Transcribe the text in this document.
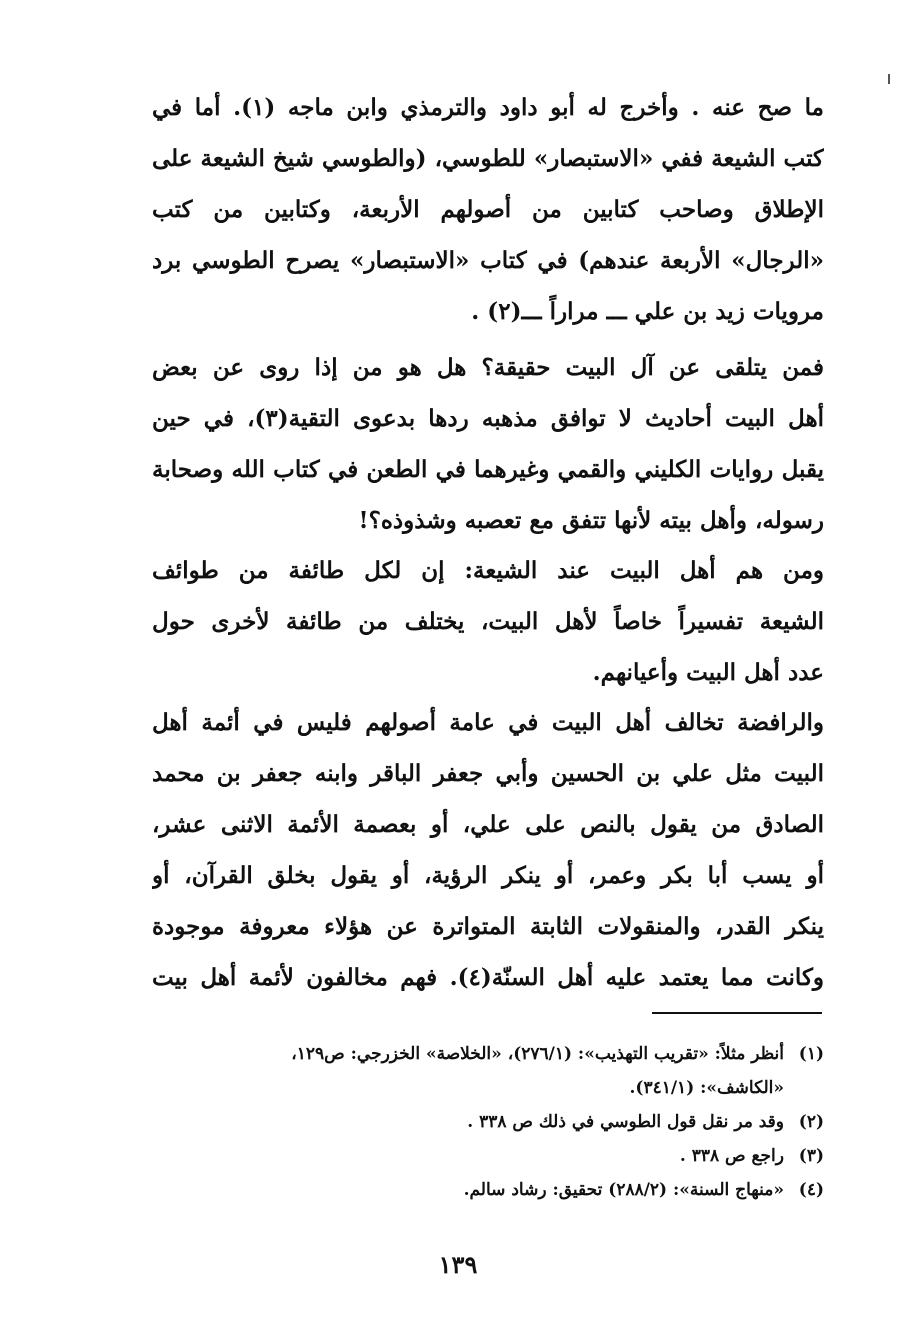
ما صح عنه . وأخرج له أبو داود والترمذي وابن ماجه (١). أما في
كتب الشيعة ففي «الاستبصار» للطوسي، (والطوسي شيخ الشيعة على
الإطلاق وصاحب كتابين من أصولهم الأربعة، وكتابين من كتب
«الرجال» الأربعة عندهم) في كتاب «الاستبصار» يصرح الطوسي برد
مرويات زيد بن علي ـــ مراراً ـــ(٢) .
فمن يتلقى عن آل البيت حقيقة؟ هل هو من إذا روى عن بعض
أهل البيت أحاديث لا توافق مذهبه ردها بدعوى التقية(٣)، في حين
يقبل روايات الكليني والقمي وغيرهما في الطعن في كتاب الله وصحابة
رسوله، وأهل بيته لأنها تتفق مع تعصبه وشذوذه؟!
ومن هم أهل البيت عند الشيعة: إن لكل طائفة من طوائف
الشيعة تفسيراً خاصاً لأهل البيت، يختلف من طائفة لأخرى حول
عدد أهل البيت وأعيانهم.
والرافضة تخالف أهل البيت في عامة أصولهم فليس في أئمة أهل
البيت مثل علي بن الحسين وأبي جعفر الباقر وابنه جعفر بن محمد
الصادق من يقول بالنص على علي، أو بعصمة الأئمة الاثنى عشر،
أو يسب أبا بكر وعمر، أو ينكر الرؤية، أو يقول بخلق القرآن، أو
ينكر القدر، والمنقولات الثابتة المتواترة عن هؤلاء معروفة موجودة
وكانت مما يعتمد عليه أهل السنّة(٤). فهم مخالفون لأئمة أهل بيت
(١)
أنظر مثلاً: «تقريب التهذيب»: (٢٧٦/١)، «الخلاصة» الخزرجي: ص١٢٩،
«الكاشف»: (٣٤١/١).
(٢)
وقد مر نقل قول الطوسي في ذلك ص ٣٣٨ .
(٣)
راجع ص ٣٣٨ .
(٤)
«منهاج السنة»: (٢٨٨/٢) تحقيق: رشاد سالم.
١٣٩
